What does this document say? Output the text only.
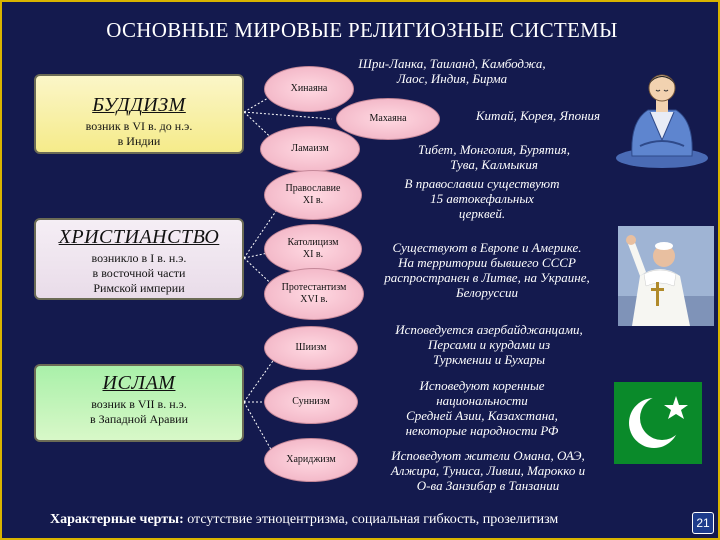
ОСНОВНЫЕ МИРОВЫЕ РЕЛИГИОЗНЫЕ СИСТЕМЫ
БУДДИЗМ
возник в VI в. до н.э.
в Индии
ХРИСТИАНСТВО
возникло в I в. н.э.
в восточной части
Римской империи
ИСЛАМ
возник в VII в. н.э.
в Западной Аравии
Хинаяна
Махаяна
Ламаизм
Православие
XI в.
Католицизм
XI в.
Протестантизм
XVI в.
Шиизм
Суннизм
Хариджизм
Шри-Ланка, Таиланд, Камбоджа,
Лаос, Индия, Бирма
Китай, Корея, Япония
Тибет, Монголия, Бурятия,
Тува, Калмыкия
В православии существуют
15 автокефальных
церквей.
Существуют в Европе и Америке.
На территории бывшего СССР
распространен в Литве, на Украине,
Белоруссии
Исповедуется азербайджанцами,
Персами и курдами из
Туркмении и Бухары
Исповедуют коренные
национальности
Средней Азии, Казахстана,
некоторые народности РФ
Исповедуют жители Омана, ОАЭ,
Алжира, Туниса, Ливии, Марокко и
О-ва Занзибар в Танзании
Характерные черты: отсутствие этноцентризма, социальная гибкость, прозелитизм	21
